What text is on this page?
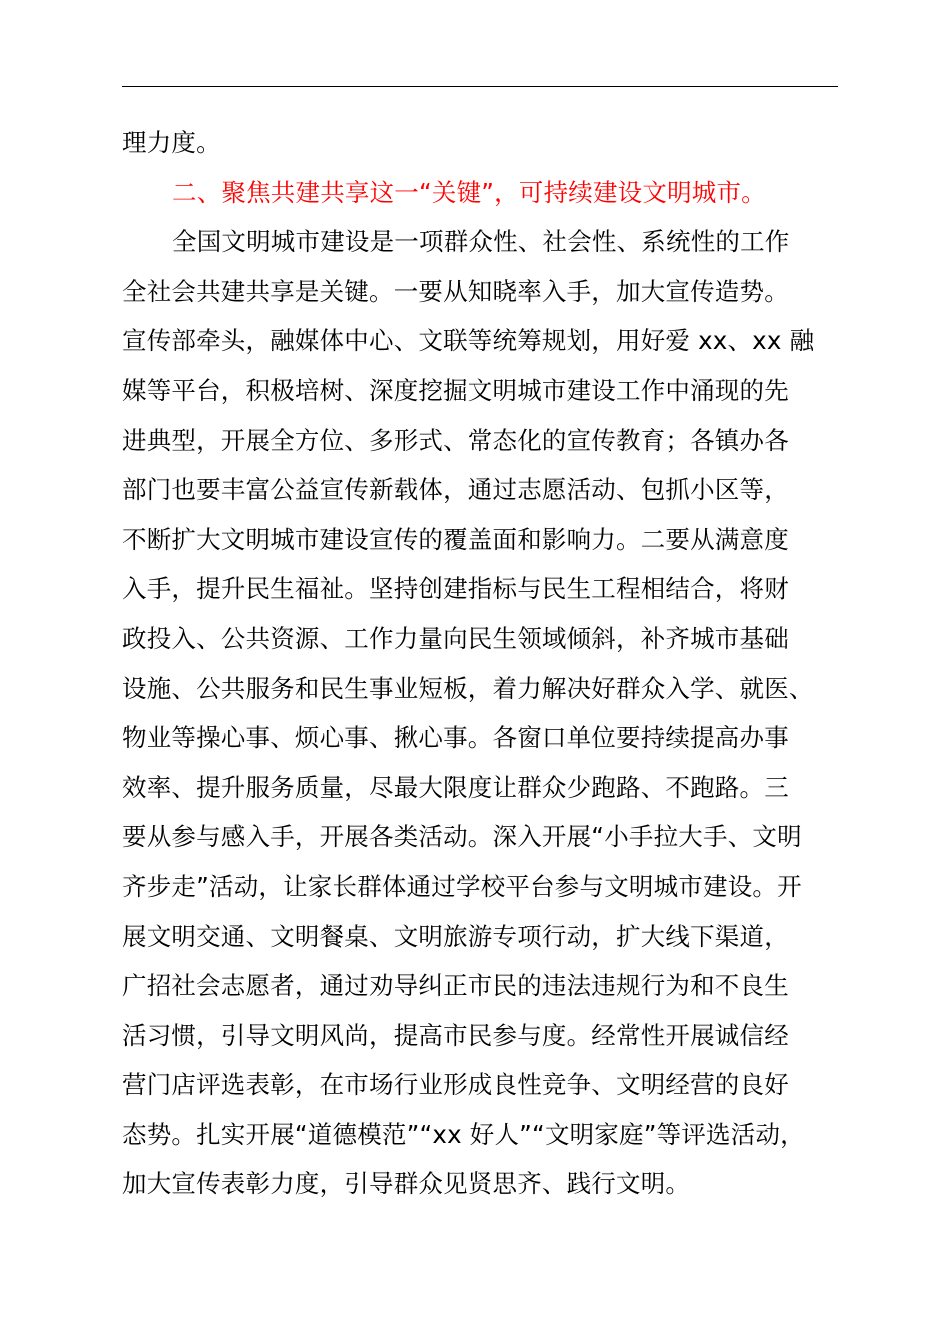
理力度。
二、聚焦共建共享这一“关键”，可持续建设文明城市。
全国文明城市建设是一项群众性、社会性、系统性的工作
全社会共建共享是关键。一要从知晓率入手，加大宣传造势。
宣传部牵头，融媒体中心、文联等统筹规划，用好爱 xx、xx 融
媒等平台，积极培树、深度挖掘文明城市建设工作中涌现的先
进典型，开展全方位、多形式、常态化的宣传教育；各镇办各
部门也要丰富公益宣传新载体，通过志愿活动、包抓小区等，
不断扩大文明城市建设宣传的覆盖面和影响力。二要从满意度
入手，提升民生福祉。坚持创建指标与民生工程相结合，将财
政投入、公共资源、工作力量向民生领域倾斜，补齐城市基础
设施、公共服务和民生事业短板，着力解决好群众入学、就医、
物业等操心事、烦心事、揪心事。各窗口单位要持续提高办事
效率、提升服务质量，尽最大限度让群众少跑路、不跑路。三
要从参与感入手，开展各类活动。深入开展“小手拉大手、文明
齐步走”活动，让家长群体通过学校平台参与文明城市建设。开
展文明交通、文明餐桌、文明旅游专项行动，扩大线下渠道，
广招社会志愿者，通过劝导纠正市民的违法违规行为和不良生
活习惯，引导文明风尚，提高市民参与度。经常性开展诚信经
营门店评选表彰，在市场行业形成良性竞争、文明经营的良好
态势。扎实开展“道德模范”“xx 好人”“文明家庭”等评选活动，
加大宣传表彰力度，引导群众见贤思齐、践行文明。
